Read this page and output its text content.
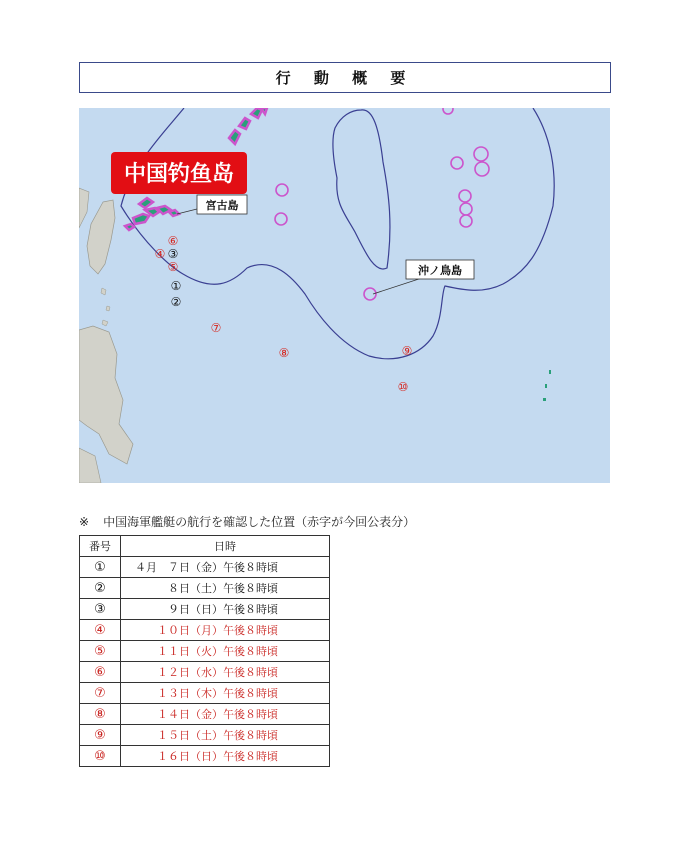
行 動 概 要
中国钓鱼岛
宮古島
沖ノ鳥島
①
②
③
④
⑤
⑥
⑦
⑧	⑨
⑩
※ 中国海軍艦艇の航行を確認した位置（赤字が今回公表分）
番号	日時
①	４月　７日（金）午後８時頃
②	　　　８日（土）午後８時頃
③	　　　９日（日）午後８時頃
④	　　１０日（月）午後８時頃
⑤	　　１１日（火）午後８時頃
⑥	　　１２日（水）午後８時頃
⑦	　　１３日（木）午後８時頃
⑧	　　１４日（金）午後８時頃
⑨	　　１５日（土）午後８時頃
⑩	　　１６日（日）午後８時頃
